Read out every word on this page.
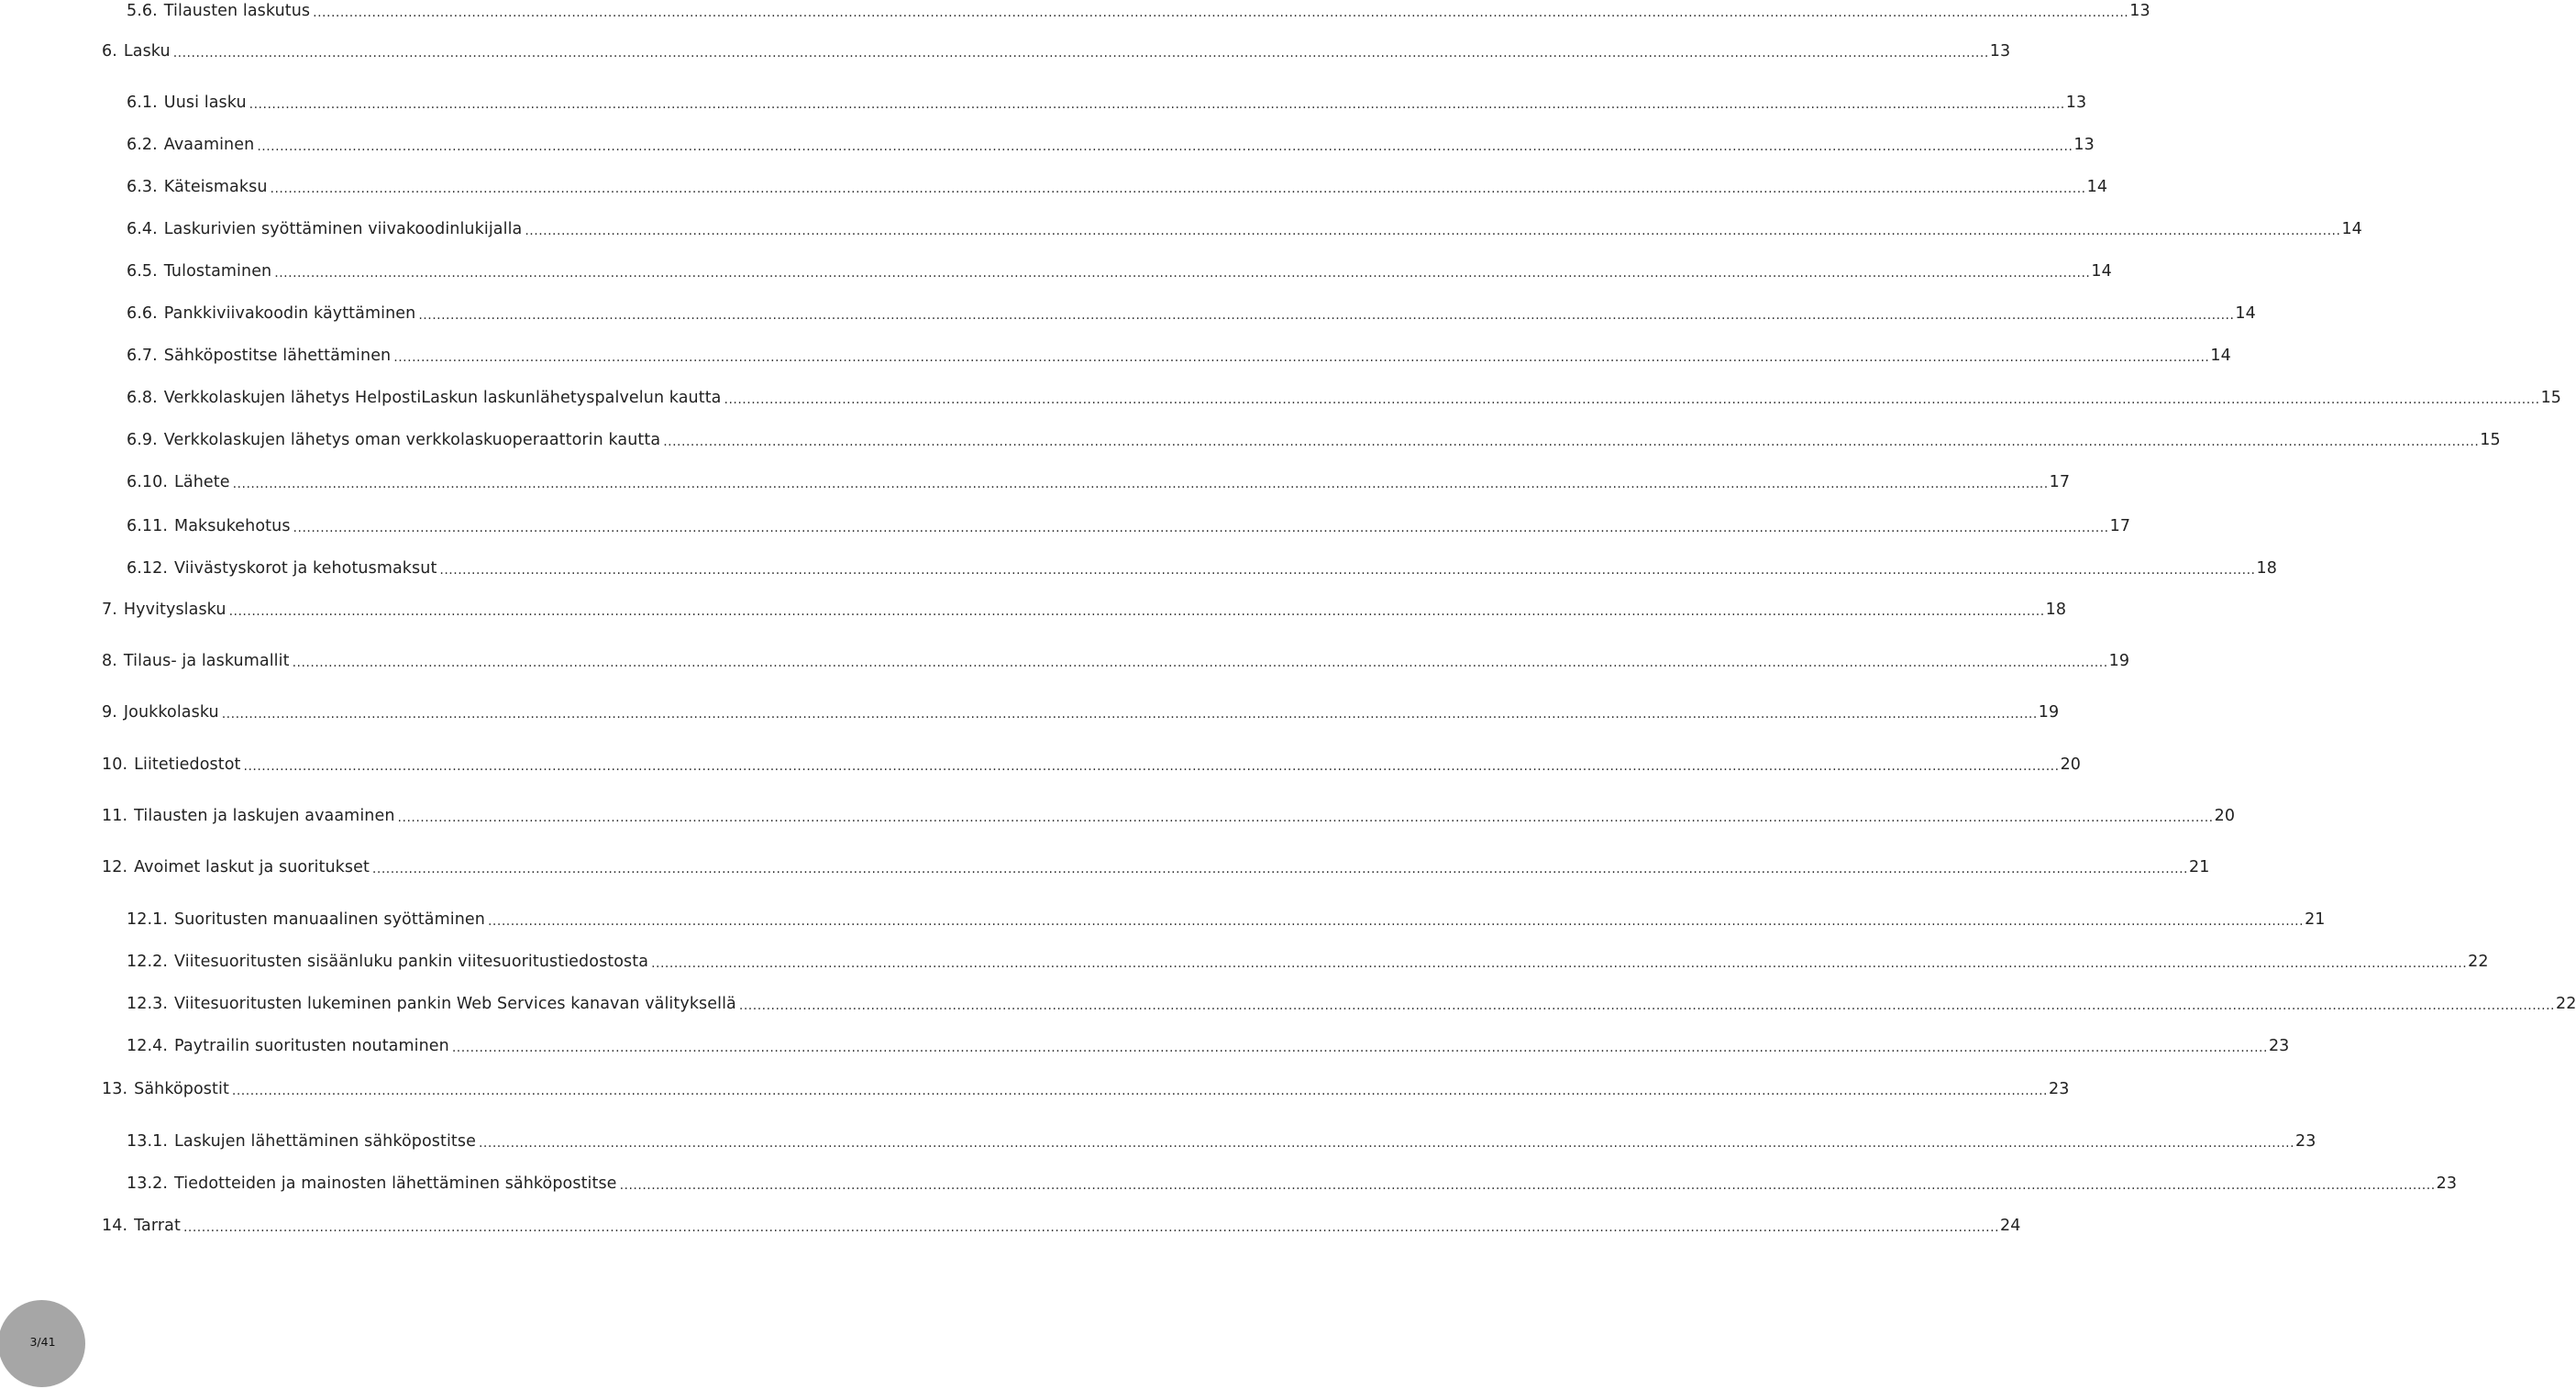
5.6. Tilausten laskutus ................................................................................................................................................................................................................................................................................................................................................................................................................ 13
6. Lasku ................................................................................................................................................................................................................................................................................................................................................................................................................ 13
6.1. Uusi lasku ................................................................................................................................................................................................................................................................................................................................................................................................................ 13
6.2. Avaaminen ................................................................................................................................................................................................................................................................................................................................................................................................................ 13
6.3. Käteismaksu ................................................................................................................................................................................................................................................................................................................................................................................................................ 14
6.4. Laskurivien syöttäminen viivakoodinlukijalla ................................................................................................................................................................................................................................................................................................................................................................................................................ 14
6.5. Tulostaminen ................................................................................................................................................................................................................................................................................................................................................................................................................ 14
6.6. Pankkiviivakoodin käyttäminen ................................................................................................................................................................................................................................................................................................................................................................................................................ 14
6.7. Sähköpostitse lähettäminen ................................................................................................................................................................................................................................................................................................................................................................................................................ 14
6.8. Verkkolaskujen lähetys HelpostiLaskun laskunlähetyspalvelun kautta ................................................................................................................................................................................................................................................................................................................................................................................................................ 15
6.9. Verkkolaskujen lähetys oman verkkolaskuoperaattorin kautta ................................................................................................................................................................................................................................................................................................................................................................................................................ 15
6.10. Lähete ................................................................................................................................................................................................................................................................................................................................................................................................................ 17
6.11. Maksukehotus ................................................................................................................................................................................................................................................................................................................................................................................................................ 17
6.12. Viivästyskorot ja kehotusmaksut ................................................................................................................................................................................................................................................................................................................................................................................................................ 18
7. Hyvityslasku ................................................................................................................................................................................................................................................................................................................................................................................................................ 18
8. Tilaus- ja laskumallit ................................................................................................................................................................................................................................................................................................................................................................................................................ 19
9. Joukkolasku ................................................................................................................................................................................................................................................................................................................................................................................................................ 19
10. Liitetiedostot ................................................................................................................................................................................................................................................................................................................................................................................................................ 20
11. Tilausten ja laskujen avaaminen ................................................................................................................................................................................................................................................................................................................................................................................................................ 20
12. Avoimet laskut ja suoritukset ................................................................................................................................................................................................................................................................................................................................................................................................................ 21
12.1. Suoritusten manuaalinen syöttäminen ................................................................................................................................................................................................................................................................................................................................................................................................................ 21
12.2. Viitesuoritusten sisäänluku pankin viitesuoritustiedostosta ................................................................................................................................................................................................................................................................................................................................................................................................................ 22
12.3. Viitesuoritusten lukeminen pankin Web Services kanavan välityksellä ................................................................................................................................................................................................................................................................................................................................................................................................................ 22
12.4. Paytrailin suoritusten noutaminen ................................................................................................................................................................................................................................................................................................................................................................................................................ 23
13. Sähköpostit ................................................................................................................................................................................................................................................................................................................................................................................................................ 23
13.1. Laskujen lähettäminen sähköpostitse ................................................................................................................................................................................................................................................................................................................................................................................................................ 23
13.2. Tiedotteiden ja mainosten lähettäminen sähköpostitse ................................................................................................................................................................................................................................................................................................................................................................................................................ 23
14. Tarrat ................................................................................................................................................................................................................................................................................................................................................................................................................ 24
3/41
